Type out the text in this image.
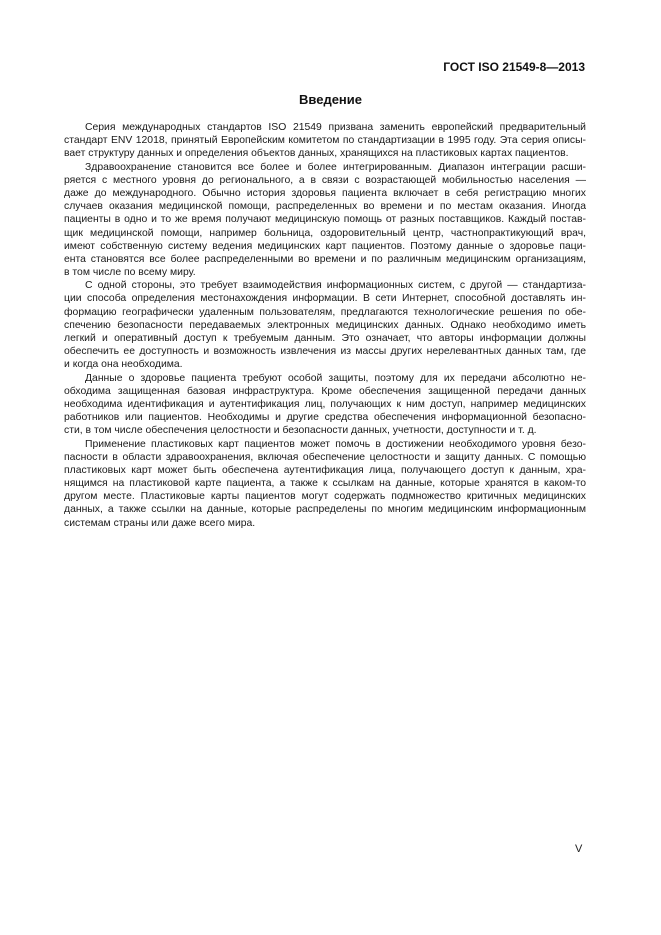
ГОСТ ISO 21549-8—2013
Введение
Серия международных стандартов ISO 21549 призвана заменить европейский предварительный
стандарт ENV 12018, принятый Европейским комитетом по стандартизации в 1995 году. Эта серия описы-
вает структуру данных и определения объектов данных, хранящихся на пластиковых картах пациентов.
Здравоохранение становится все более и более интегрированным. Диапазон интеграции расши-
ряется с местного уровня до регионального, а в связи с возрастающей мобильностью населения —
даже до международного. Обычно история здоровья пациента включает в себя регистрацию многих
случаев оказания медицинской помощи, распределенных во времени и по местам оказания. Иногда
пациенты в одно и то же время получают медицинскую помощь от разных поставщиков. Каждый постав-
щик медицинской помощи, например больница, оздоровительный центр, частнопрактикующий врач,
имеют собственную систему ведения медицинских карт пациентов. Поэтому данные о здоровье паци-
ента становятся все более распределенными во времени и по различным медицинским организациям,
в том числе по всему миру.
С одной стороны, это требует взаимодействия информационных систем, с другой — стандартиза-
ции способа определения местонахождения информации. В сети Интернет, способной доставлять ин-
формацию географически удаленным пользователям, предлагаются технологические решения по обе-
спечению безопасности передаваемых электронных медицинских данных. Однако необходимо иметь
легкий и оперативный доступ к требуемым данным. Это означает, что авторы информации должны
обеспечить ее доступность и возможность извлечения из массы других нерелевантных данных там, где
и когда она необходима.
Данные о здоровье пациента требуют особой защиты, поэтому для их передачи абсолютно не-
обходима защищенная базовая инфраструктура. Кроме обеспечения защищенной передачи данных
необходима идентификация и аутентификация лиц, получающих к ним доступ, например медицинских
работников или пациентов. Необходимы и другие средства обеспечения информационной безопасно-
сти, в том числе обеспечения целостности и безопасности данных, учетности, доступности и т. д.
Применение пластиковых карт пациентов может помочь в достижении необходимого уровня безо-
пасности в области здравоохранения, включая обеспечение целостности и защиту данных. С помощью
пластиковых карт может быть обеспечена аутентификация лица, получающего доступ к данным, хра-
нящимся на пластиковой карте пациента, а также к ссылкам на данные, которые хранятся в каком-то
другом месте. Пластиковые карты пациентов могут содержать подмножество критичных медицинских
данных, а также ссылки на данные, которые распределены по многим медицинским информационным
системам страны или даже всего мира.
V
